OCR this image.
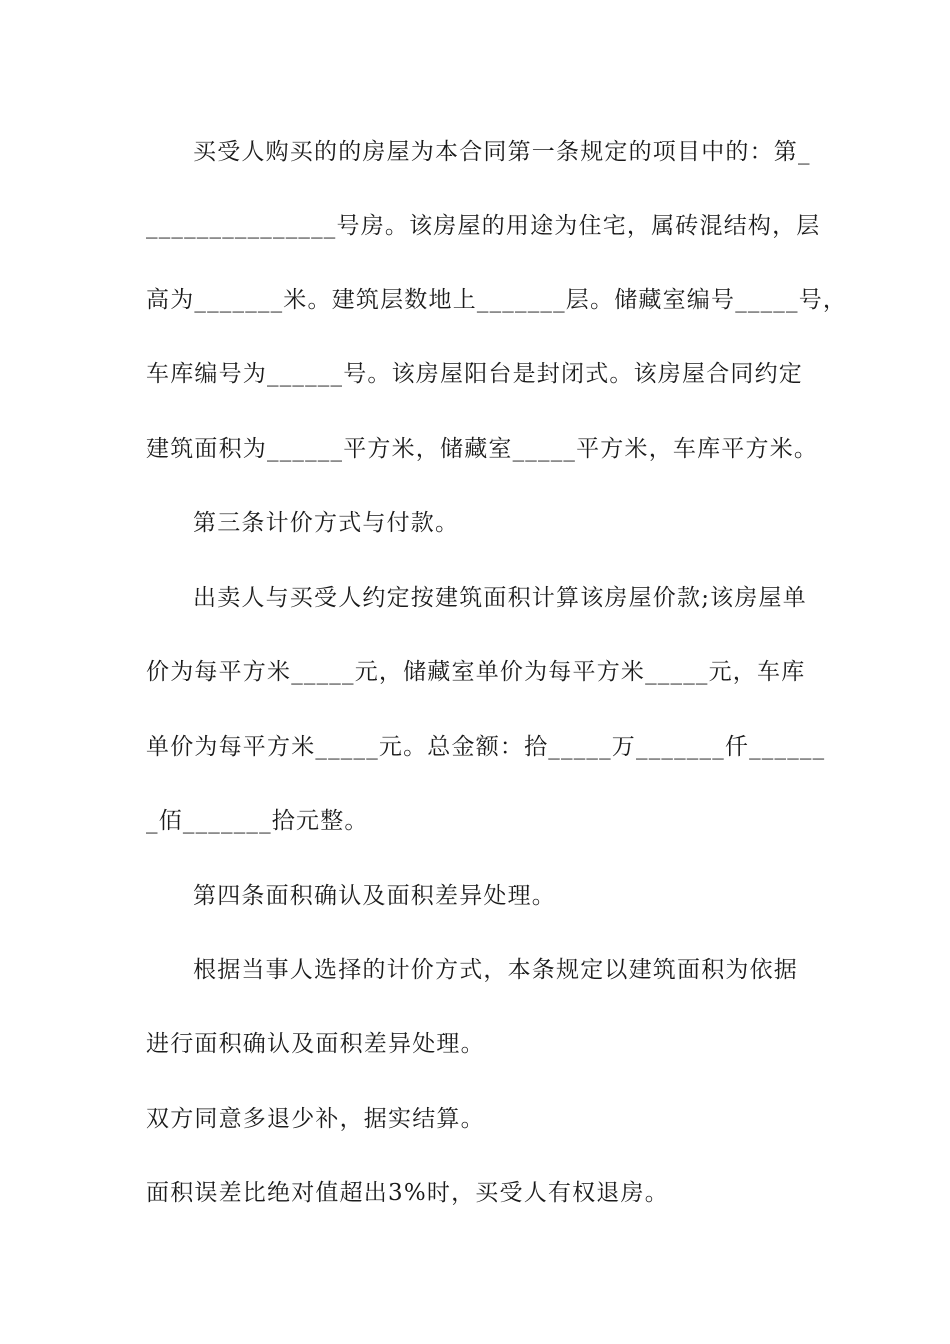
买受人购买的的房屋为本合同第一条规定的项目中的：第_
_______________号房。该房屋的用途为住宅，属砖混结构，层
高为_______米。建筑层数地上_______层。储藏室编号_____号，
车库编号为______号。该房屋阳台是封闭式。该房屋合同约定
建筑面积为______平方米，储藏室_____平方米，车库平方米。
第三条计价方式与付款。
出卖人与买受人约定按建筑面积计算该房屋价款;该房屋单
价为每平方米_____元，储藏室单价为每平方米_____元，车库
单价为每平方米_____元。总金额：拾_____万_______仟______
_佰_______拾元整。
第四条面积确认及面积差异处理。
根据当事人选择的计价方式，本条规定以建筑面积为依据
进行面积确认及面积差异处理。
双方同意多退少补，据实结算。
面积误差比绝对值超出3%时，买受人有权退房。
